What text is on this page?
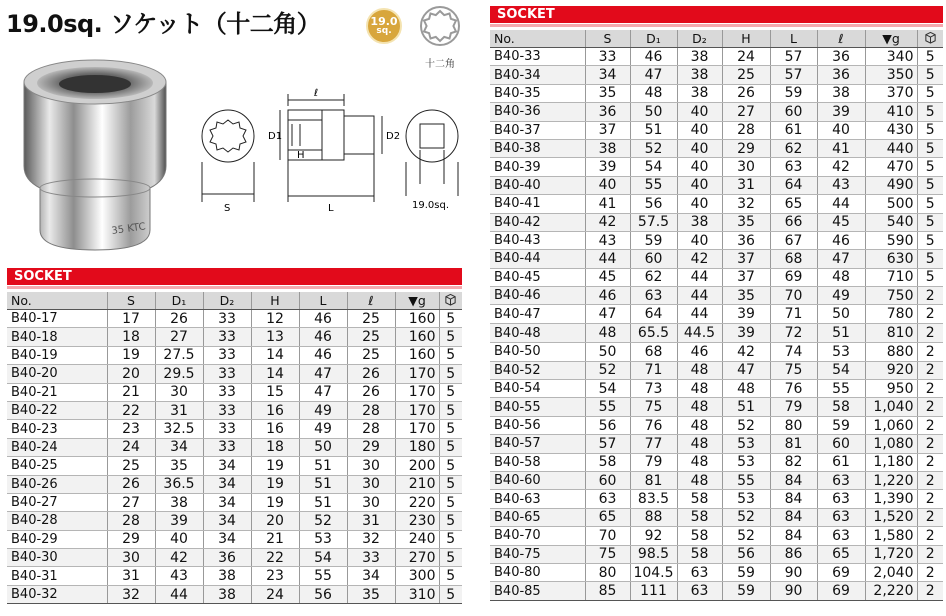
19.0sq. ソケット（十二角）	19.0
sq.
十二角
35 KTC
S
D1
H
ℓ
L
D2
19.0sq.
SOCKET
No.	S	D₁	D₂	H	L	ℓ	▼g	
B40-17	17	26	33	12	46	25	160	5
B40-18	18	27	33	13	46	25	160	5
B40-19	19	27.5	33	14	46	25	160	5
B40-20	20	29.5	33	14	47	26	170	5
B40-21	21	30	33	15	47	26	170	5
B40-22	22	31	33	16	49	28	170	5
B40-23	23	32.5	33	16	49	28	170	5
B40-24	24	34	33	18	50	29	180	5
B40-25	25	35	34	19	51	30	200	5
B40-26	26	36.5	34	19	51	30	210	5
B40-27	27	38	34	19	51	30	220	5
B40-28	28	39	34	20	52	31	230	5
B40-29	29	40	34	21	53	32	240	5
B40-30	30	42	36	22	54	33	270	5
B40-31	31	43	38	23	55	34	300	5
B40-32	32	44	38	24	56	35	310	5
SOCKET
No.	S	D₁	D₂	H	L	ℓ	▼g	
B40-33	33	46	38	24	57	36	340	5
B40-34	34	47	38	25	57	36	350	5
B40-35	35	48	38	26	59	38	370	5
B40-36	36	50	40	27	60	39	410	5
B40-37	37	51	40	28	61	40	430	5
B40-38	38	52	40	29	62	41	440	5
B40-39	39	54	40	30	63	42	470	5
B40-40	40	55	40	31	64	43	490	5
B40-41	41	56	40	32	65	44	500	5
B40-42	42	57.5	38	35	66	45	540	5
B40-43	43	59	40	36	67	46	590	5
B40-44	44	60	42	37	68	47	630	5
B40-45	45	62	44	37	69	48	710	5
B40-46	46	63	44	35	70	49	750	2
B40-47	47	64	44	39	71	50	780	2
B40-48	48	65.5	44.5	39	72	51	810	2
B40-50	50	68	46	42	74	53	880	2
B40-52	52	71	48	47	75	54	920	2
B40-54	54	73	48	48	76	55	950	2
B40-55	55	75	48	51	79	58	1,040	2
B40-56	56	76	48	52	80	59	1,060	2
B40-57	57	77	48	53	81	60	1,080	2
B40-58	58	79	48	53	82	61	1,180	2
B40-60	60	81	48	55	84	63	1,220	2
B40-63	63	83.5	58	53	84	63	1,390	2
B40-65	65	88	58	52	84	63	1,520	2
B40-70	70	92	58	52	84	63	1,580	2
B40-75	75	98.5	58	56	86	65	1,720	2
B40-80	80	104.5	63	59	90	69	2,040	2
B40-85	85	111	63	59	90	69	2,220	2
